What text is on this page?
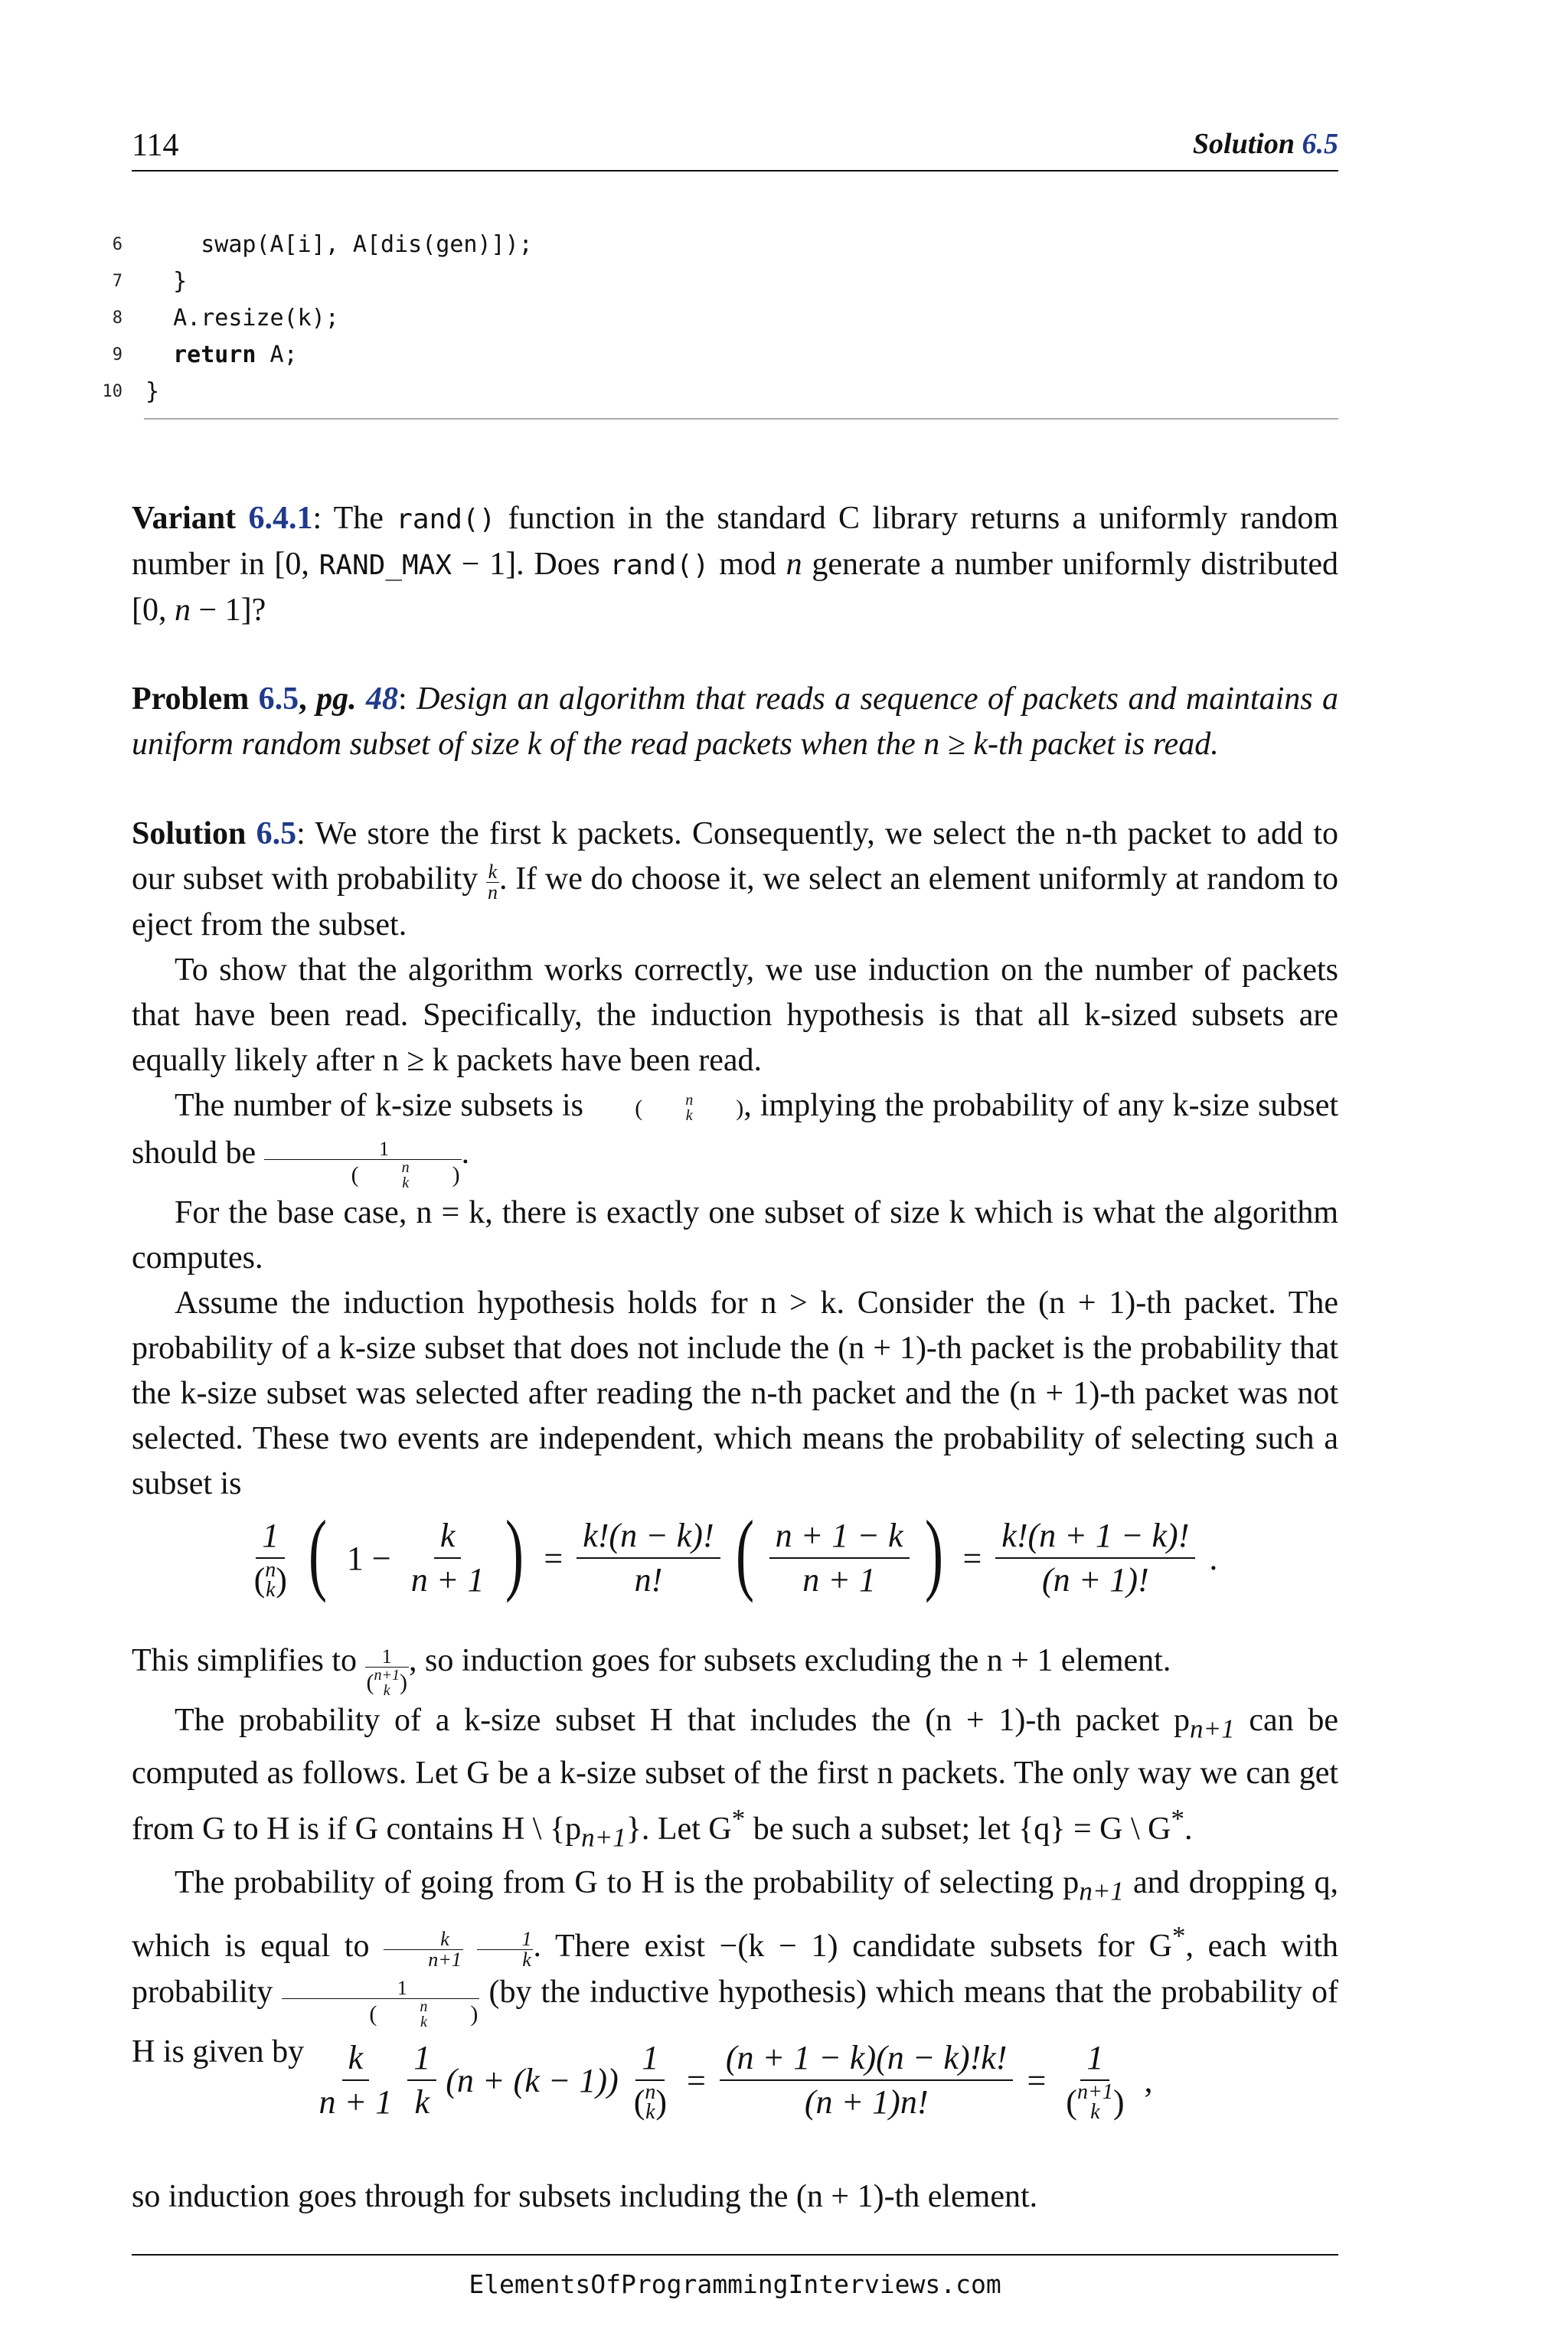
114	Solution 6.5
6 swap(A[i], A[dis(gen)]);
7 }
8 A.resize(k);
9	return A;
10 }

Variant 6.4.1: The rand() function in the standard C library returns a uniformly random number in [0, RAND_MAX − 1]. Does rand() mod n generate a number uniformly distributed [0, n − 1]?

Problem 6.5, pg. 48: Design an algorithm that reads a sequence of packets and maintains a uniform random subset of size k of the read packets when the n ≥ k-th packet is read.

Solution 6.5: We store the first k packets. Consequently, we select the n-th packet to add to our subset with probability $\frac{k}{n}$ . If we do choose it, we select an element uniformly at random to eject from the subset.

To show that the algorithm works correctly, we use induction on the number of packets that have been read. Specifically, the induction hypothesis is that all k-sized subsets are equally likely after n ≥ k packets have been read.

The number of k-size subsets is (	n
k ), implying the probability of any k-size subset should be 1
(	n
k ) .

For the base case, n = k, there is exactly one subset of size k which is what the algorithm computes.

Assume the induction hypothesis holds for n > k. Consider the (n + 1)-th packet. The probability of a k-size subset that does not include the (n + 1)-th packet is the probability that the k-size subset was selected after reading the n-th packet and the (n + 1)-th packet was not selected. These two events are independent, which means the probability of selecting such a subset is

1
( n
k ) ( $1 - \frac{k}{n + 1}$ ) = $\frac{k!(n - k)!}{n!}$ ( $\frac{n + 1 - k}{n + 1}$ ) = $\frac{k!(n + 1 - k)!}{(n + 1)!}$ .

This simplifies to 1
( n+1
k ) , so induction goes for subsets excluding the n + 1 element.

The probability of a k-size subset H that includes the (n + 1)-th packet $p_{n+1}$ can be computed as follows. Let G be a k-size subset of the first n packets. The only way we can get from G to H is if G contains H \ $\{p_{n+1}\}$. Let G* be such a subset; let {q} = G \ G*.

The probability of going from G to H is the probability of selecting $p_{n+1}$ and dropping q, which is equal to $\frac{k}{n+1}$
$\frac{1}{k}$ . There exist −(k − 1) candidate subsets for G*, each with probability 1
(	n
k ) (by the inductive hypothesis) which means that the probability of H is given by $\frac{k}{n + 1} \frac{1}{k} (n + (k - 1))$ 1
( n
k ) = $\frac{(n + 1 - k)(n - k)!k!}{(n + 1)n!} = 1$
( n+1
k ) ,

so induction goes through for subsets including the (n + 1)-th element.

ElementsOfProgrammingInterviews.com
